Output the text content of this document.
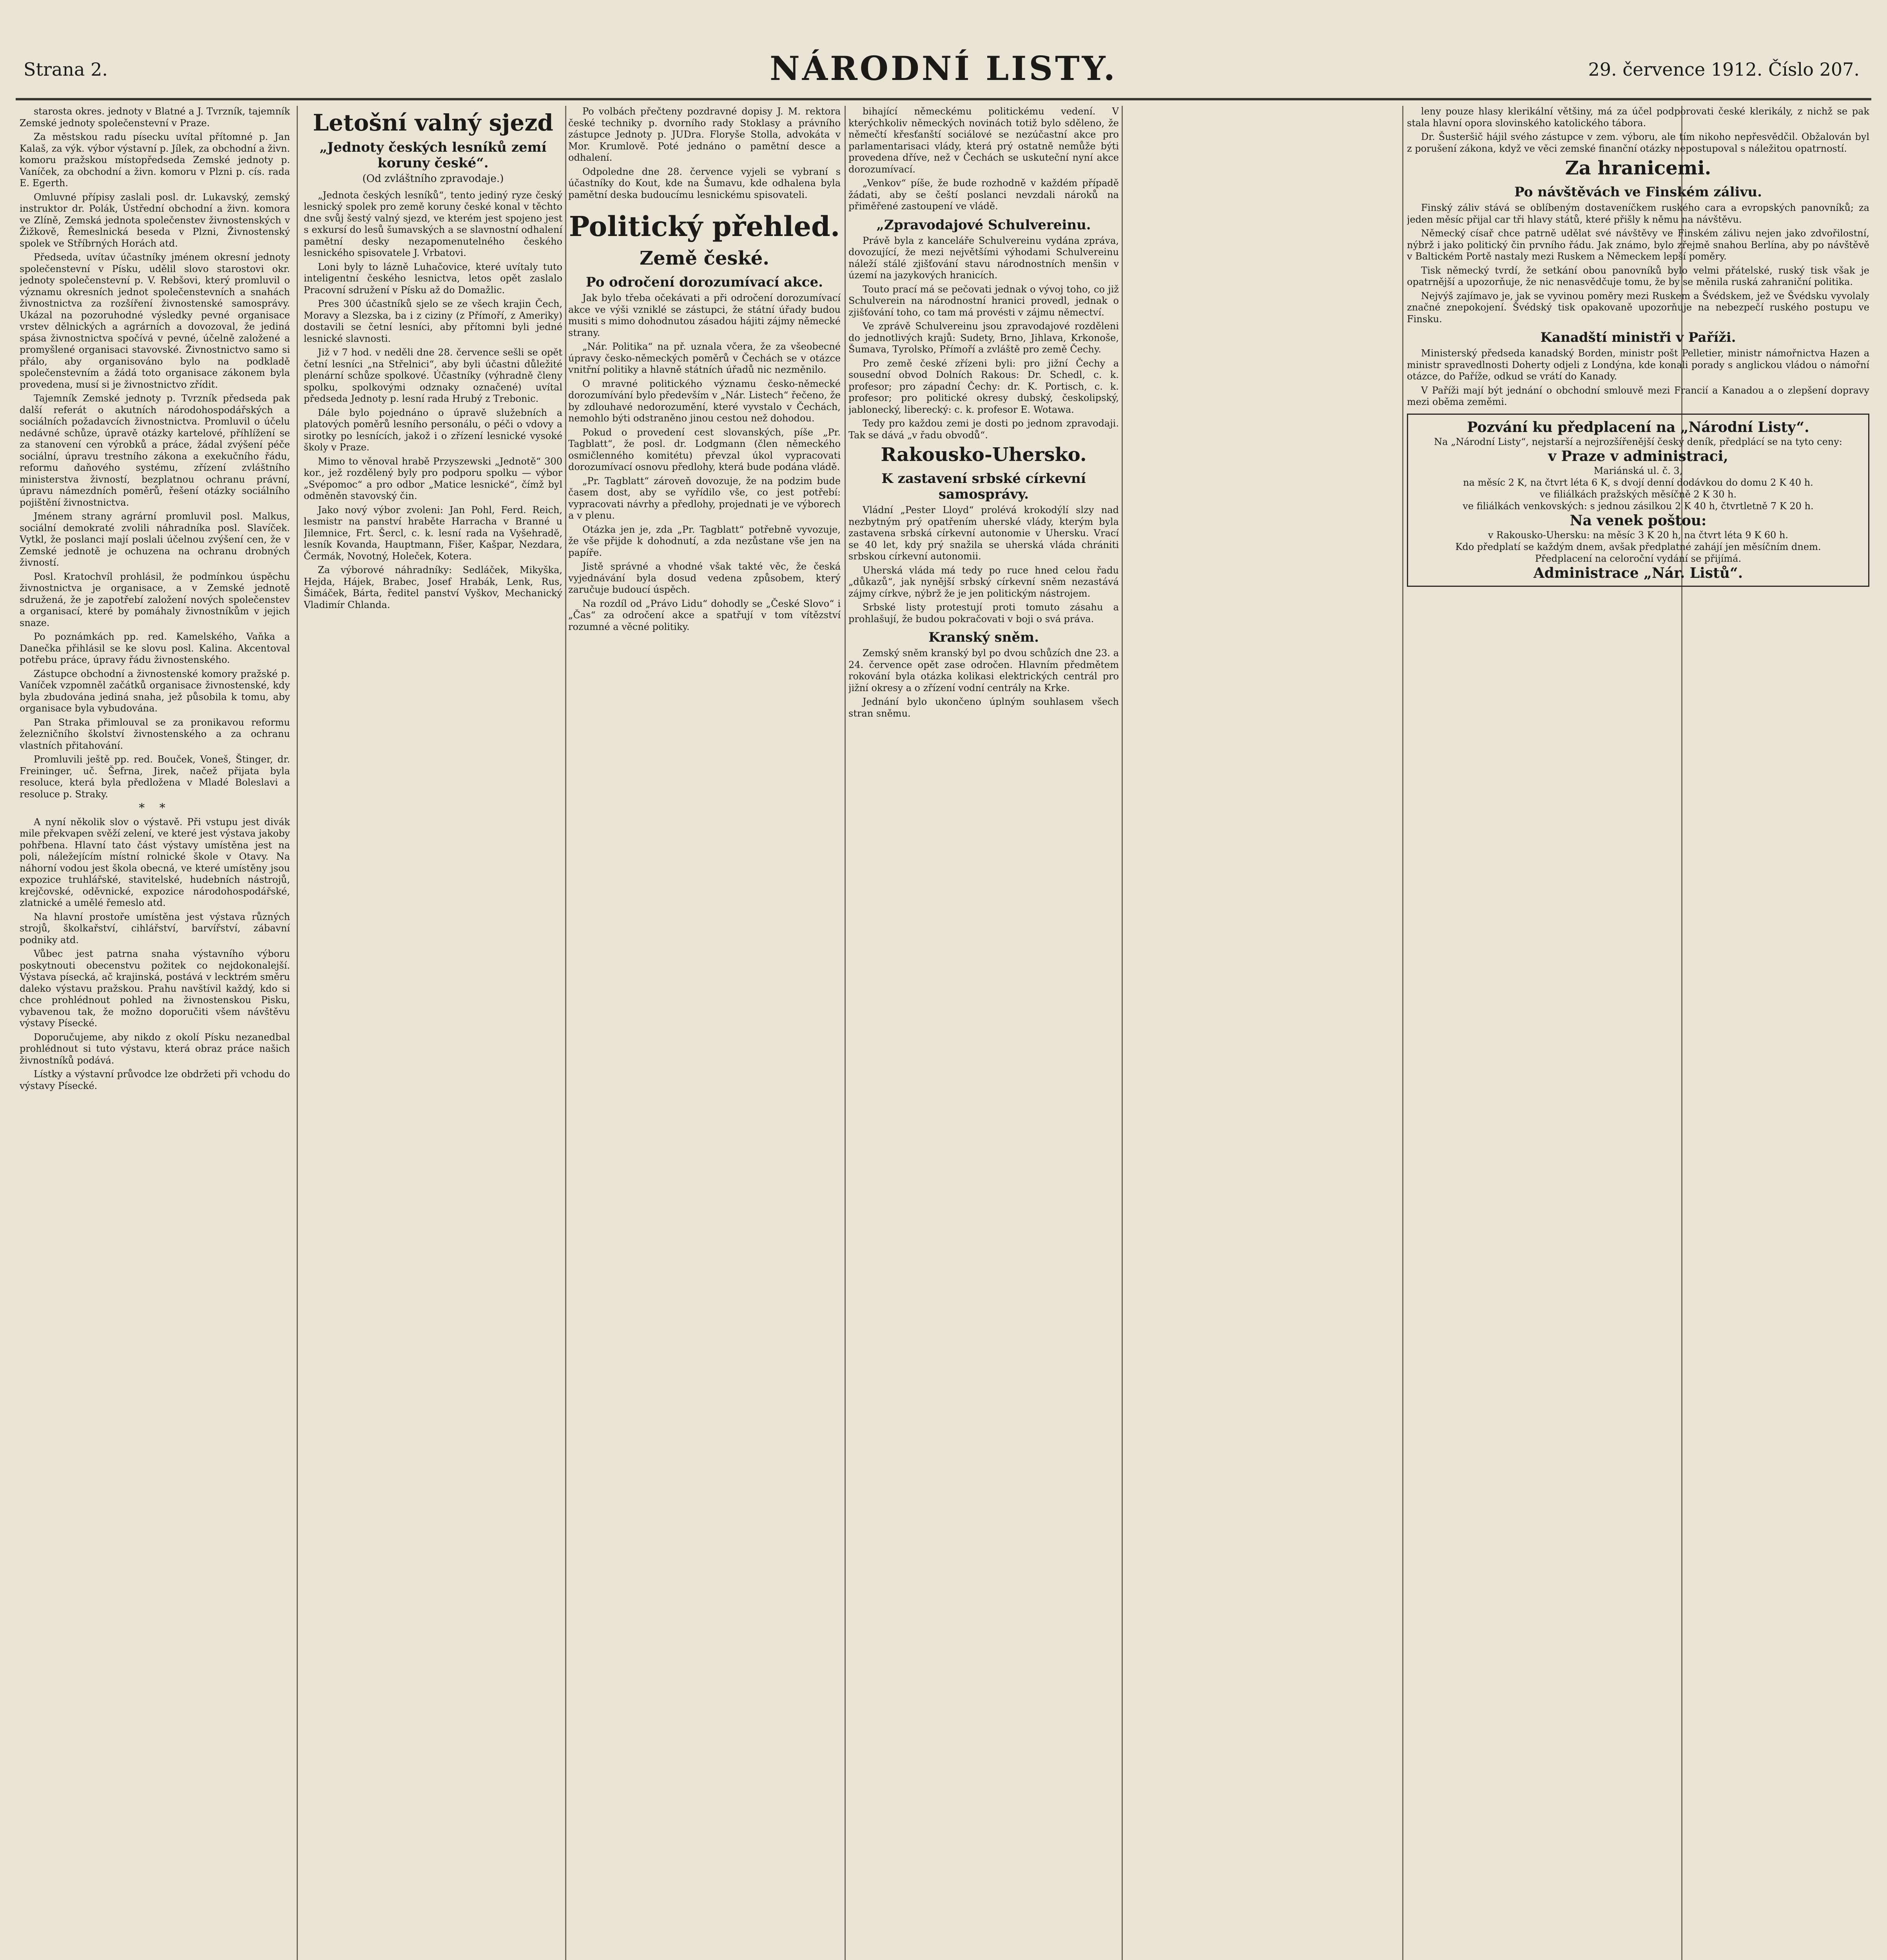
Strana 2.	NÁRODNÍ LISTY.	29. července 1912. Číslo 207.

starosta okres. jednoty v Blatné a J. Tvrzník, tajemník Zemské jednoty společenstevní v Praze.

Za městskou radu písecku uvítal přítomné p. Jan Kalaš, za výk. výbor výstavní p. Jílek, za obchodní a živn. komoru pražskou místopředseda Zemské jednoty p. Vaníček, za obchodní a živn. komoru v Plzni p. cís. rada E. Egerth.

Omluvné přípisy zaslali posl. dr. Lukavský, zemský instruktor dr. Polák, Ústřední obchodní a živn. komora ve Zlíně, Zemská jednota společenstev živnostenských v Žižkově, Řemeslnická beseda v Plzni, Živnostenský spolek ve Stříbrných Horách atd.

Předseda, uvítav účastníky jménem okresní jednoty společenstevní v Písku, udělil slovo starostovi okr. jednoty společenstevní p. V. Rebšovi, který promluvil o významu okresních jednot společenstevních a snahách živnostnictva za rozšíření živnostenské samosprávy. Ukázal na pozoruhodné výsledky pevné organisace vrstev dělnických a agrárních a dovozoval, že jediná spása živnostnictva spočívá v pevné, účelně založené a promyšlené organisaci stavovské. Živnostnictvo samo si přálo, aby organisováno bylo na podkladě společenstevním a žádá toto organisace zákonem byla provedena, musí si je živnostnictvo zřídit.

Tajemník Zemské jednoty p. Tvrzník předseda pak další referát o akutních národohospodářských a sociálních požadavcích živnostnictva. Promluvil o účelu nedávné schůze, úpravě otázky kartelové, příhlížení se za stanovení cen výrobků a práce, žádal zvýšení péče sociální, úpravu trestního zákona a exekučního řádu, reformu daňového systému, zřízení zvláštního ministerstva živností, bezplatnou ochranu právní, úpravu námezdních poměrů, řešení otázky sociálního pojištění živnostnictva.

Jménem strany agrární promluvil posl. Malkus, sociální demokraté zvolili náhradníka posl. Slavíček. Vytkl, že poslanci mají poslali účelnou zvýšení cen, že v Zemské jednotě je ochuzena na ochranu drobných živností.

Posl. Kratochvíl prohlásil, že podmínkou úspěchu živnostnictva je organisace, a v Zemské jednotě sdružená, že je zapotřebí založení nových společenstev a organisací, které by pomáhaly živnostníkům v jejich snaze.

Po poznámkách pp. red. Kamelského, Vaňka a Danečka přihlásil se ke slovu posl. Kalina. Akcentoval potřebu práce, úpravy řádu živnostenského.

Zástupce obchodní a živnostenské komory pražské p. Vaníček vzpomněl začátků organisace živnostenské, kdy byla zbudována jediná snaha, jež působila k tomu, aby organisace byla vybudována.

Pan Straka přimlouval se za pronikavou reformu železničního školství živnostenského a za ochranu vlastních přitahování.

Promluvili ještě pp. red. Bouček, Voneš, Štinger, dr. Freininger, uč. Šefrna, Jirek, načež přijata byla resoluce, která byla předložena v Mladé Boleslavi a resoluce p. Straky.

* *

A nyní několik slov o výstavě. Při vstupu jest divák mile překvapen svěží zelení, ve které jest výstava jakoby pohřbena. Hlavní tato část výstavy umístěna jest na poli, náležejícím místní rolnické škole v Otavy. Na náhorní vodou jest škola obecná, ve které umístěny jsou expozice truhlářské, stavitelské, hudebních nástrojů, krejčovské, oděvnické, expozice národohospodářské, zlatnické a umělé řemeslo atd.

Na hlavní prostoře umístěna jest výstava různých strojů, školkařství, cihlářství, barvířství, zábavní podniky atd.

Vůbec jest patrna snaha výstavního výboru poskytnouti obecenstvu požitek co nejdokonalejší. Výstava písecká, ač krajinská, postává v lecktrém směru daleko výstavu pražskou. Prahu navštívil každý, kdo si chce prohlédnout pohled na živnostenskou Pisku, vybavenou tak, že možno doporučiti všem návštěvu výstavy Písecké.

Doporučujeme, aby nikdo z okolí Písku nezanedbal prohlédnout si tuto výstavu, která obraz práce našich živnostníků podává.

Lístky a výstavní průvodce lze obdržeti při vchodu do výstavy Písecké.

Letošní valný sjezd
„Jednoty českých lesníků zemí koruny české“.
(Od zvláštního zpravodaje.)

„Jednota českých lesníků“, tento jediný ryze český lesnický spolek pro země koruny české konal v těchto dne svůj šestý valný sjezd, ve kterém jest spojeno jest s exkursí do lesů šumavských a se slavnostní odhalení pamětní desky nezapomenutelného českého lesnického spisovatele J. Vrbatovi.

Loni byly to lázně Luhačovice, které uvítaly tuto inteligentní českého lesnictva, letos opět zaslalo Pracovní sdružení v Písku až do Domažlic.

Pres 300 účastníků sjelo se ze všech krajin Čech, Moravy a Slezska, ba i z ciziny (z Přímoří, z Ameriky) dostavili se četní lesníci, aby přítomni byli jedné lesnické slavnosti.

Již v 7 hod. v neděli dne 28. července sešli se opět četní lesníci „na Střelnici“, aby byli účastni důležité plenární schůze spolkové. Účastníky (výhradně členy spolku, spolkovými odznaky označené) uvítal předseda Jednoty p. lesní rada Hrubý z Trebonic.

Dále bylo pojednáno o úpravě služebních a platových poměrů lesního personálu, o péči o vdovy a sirotky po lesnících, jakož i o zřízení lesnické vysoké školy v Praze.

Mimo to věnoval hrabě Przyszewski „Jednotě“ 300 kor., jež rozdělený byly pro podporu spolku — výbor „Svépomoc“ a pro odbor „Matice lesnické“, čímž byl odměněn stavovský čin.

Jako nový výbor zvoleni: Jan Pohl, Ferd. Reich, lesmistr na panství hraběte Harracha v Branné u Jilemnice, Frt. Šercl, c. k. lesní rada na Vyšehradě, lesník Kovanda, Hauptmann, Fišer, Kašpar, Nezdara, Čermák, Novotný, Holeček, Kotera.

Za výborové náhradníky: Sedláček, Mikyška, Hejda, Hájek, Brabec, Josef Hrabák, Lenk, Rus, Šimáček, Bárta, ředitel panství Vyškov, Mechanický Vladimír Chlanda.

Po volbách přečteny pozdravné dopisy J. M. rektora české techniky p. dvorního rady Stoklasy a právního zástupce Jednoty p. JUDra. Floryše Stolla, advokáta v Mor. Krumlově. Poté jednáno o pamětní desce a odhalení.

Odpoledne dne 28. července vyjeli se vybraní s účastníky do Kout, kde na Šumavu, kde odhalena byla pamětní deska budoucímu lesnickému spisovateli.

Politický přehled.
Země české.
Po odročení dorozumívací akce.

Jak bylo třeba očekávati a při odročení dorozumívací akce ve výši vzniklé se zástupci, že státní úřady budou musiti s mimo dohodnutou zásadou hájiti zájmy německé strany.

„Nár. Politika“ na př. uznala včera, že za všeobecné úpravy česko-německých poměrů v Čechách se v otázce vnitřní politiky a hlavně státních úřadů nic nezměnilo.

O mravné politického významu česko-německé dorozumívání bylo především v „Nár. Listech“ řečeno, že by zdlouhavé nedorozumění, které vyvstalo v Čechách, nemohlo býti odstraněno jinou cestou než dohodou.

Pokud o provedení cest slovanských, píše „Pr. Tagblatt“, že posl. dr. Lodgmann (člen německého osmičlenného komitétu) převzal úkol vypracovati dorozumívací osnovu předlohy, která bude podána vládě.

„Pr. Tagblatt“ zároveň dovozuje, že na podzim bude časem dost, aby se vyřídilo vše, co jest potřebí: vypracovati návrhy a předlohy, projednati je ve výborech a v plenu.

Otázka jen je, zda „Pr. Tagblatt“ potřebně vyvozuje, že vše přijde k dohodnutí, a zda nezůstane vše jen na papíře.

Jistě správné a vhodné však takté věc, že česká vyjednávání byla dosud vedena způsobem, který zaručuje budoucí úspěch.

Na rozdíl od „Právo Lidu“ dohodly se „České Slovo“ i „Čas“ za odročení akce a spatřují v tom vítězství rozumné a věcné politiky.

bihající německému politickému vedení. V kterýchkoliv německých novinách totiž bylo sděleno, že němečtí křesťanští sociálové se nezúčastní akce pro parlamentarisaci vlády, která prý ostatně nemůže býti provedena dříve, než v Čechách se uskuteční nyní akce dorozumívací.

„Venkov“ píše, že bude rozhodně v každém případě žádati, aby se čeští poslanci nevzdali nároků na přiměřené zastoupení ve vládě.

„Zpravodajové Schulvereinu.

Právě byla z kanceláře Schulvereinu vydána zpráva, dovozující, že mezi největšími výhodami Schulvereinu náleží stálé zjišťování stavu národnostních menšin v území na jazykových hranicích.

Touto prací má se pečovati jednak o vývoj toho, co již Schulverein na národnostní hranici provedl, jednak o zjišťování toho, co tam má provésti v zájmu němectví.

Ve zprávě Schulvereinu jsou zpravodajové rozděleni do jednotlivých krajů: Sudety, Brno, Jihlava, Krkonoše, Šumava, Tyrolsko, Přímoří a zvláště pro země Čechy.

Pro země české zřízeni byli: pro jižní Čechy a sousední obvod Dolních Rakous: Dr. Schedl, c. k. profesor; pro západní Čechy: dr. K. Portisch, c. k. profesor; pro politické okresy dubský, českolipský, jablonecký, liberecký: c. k. profesor E. Wotawa.

Tedy pro každou zemi je dosti po jednom zpravodaji. Tak se dává „v řadu obvodů“.

Rakousko-Uhersko.
K zastavení srbské církevní samosprávy.

Vládní „Pester Lloyd“ prolévá krokodýlí slzy nad nezbytným prý opatřením uherské vlády, kterým byla zastavena srbská církevní autonomie v Uhersku. Vrací se 40 let, kdy prý snažila se uherská vláda chrániti srbskou církevní autonomii.

Uherská vláda má tedy po ruce hned celou řadu „důkazů“, jak nynější srbský církevní sněm nezastává zájmy církve, nýbrž že je jen politickým nástrojem.

Srbské listy protestují proti tomuto zásahu a prohlašují, že budou pokračovati v boji o svá práva.

Kranský sněm.

Zemský sněm kranský byl po dvou schůzích dne 23. a 24. července opět zase odročen. Hlavním předmětem rokování byla otázka kolikasi elektrických centrál pro jižní okresy a o zřízení vodní centrály na Krke.

Jednání bylo ukončeno úplným souhlasem všech stran sněmu.

leny pouze hlasy klerikální většiny, má za účel podporovati české klerikály, z nichž se pak stala hlavní opora slovinského katolického tábora.

Dr. Šusteršič hájil svého zástupce v zem. výboru, ale tím nikoho nepřesvědčil. Obžalován byl z porušení zákona, když ve věci zemské finanční otázky nepostupoval s náležitou opatrností.

Za hranicemi.
Po návštěvách ve Finském zálivu.

Finský záliv stává se oblíbeným dostaveníčkem ruského cara a evropských panovníků; za jeden měsíc přijal car tři hlavy států, které přišly k němu na návštěvu.

Německý císař chce patrně udělat své návštěvy ve Finském zálivu nejen jako zdvořilostní, nýbrž i jako politický čin prvního řádu. Jak známo, bylo zřejmě snahou Berlína, aby po návštěvě v Baltickém Portě nastaly mezi Ruskem a Německem lepší poměry.

Tisk německý tvrdí, že setkání obou panovníků bylo velmi přátelské, ruský tisk však je opatrnější a upozorňuje, že nic nenasvědčuje tomu, že by se měnila ruská zahraniční politika.

Nejvýš zajímavo je, jak se vyvinou poměry mezi Ruskem a Švédskem, jež ve Švédsku vyvolaly značné znepokojení. Švédský tisk opakovaně upozorňuje na nebezpečí ruského postupu ve Finsku.

Kanadští ministři v Paříži.

Ministerský předseda kanadský Borden, ministr pošt Pelletier, ministr námořnictva Hazen a ministr spravedlnosti Doherty odjeli z Londýna, kde konali porady s anglickou vládou o námořní otázce, do Paříže, odkud se vrátí do Kanady.

V Paříži mají být jednání o obchodní smlouvě mezi Francií a Kanadou a o zlepšení dopravy mezi oběma zeměmi.

Pozvání ku předplacení na „Národní Listy“.
Na „Národní Listy“, nejstarší a nejrozšířenější český deník, předplácí se na tyto ceny:
v Praze v administraci,
Mariánská ul. č. 3,
na měsíc 2 K, na čtvrt léta 6 K, s dvojí denní dodávkou do domu 2 K 40 h.
ve filiálkách pražských měsíčně 2 K 30 h.
ve filiálkách venkovských: s jednou zásilkou 2 K 40 h, čtvrtletně 7 K 20 h.
Na venek poštou:
v Rakousko-Uhersku: na měsíc 3 K 20 h, na čtvrt léta 9 K 60 h.
Kdo předplatí se každým dnem, avšak předplatné zahájí jen měsíčním dnem.
Předplacení na celoroční vydání se přijímá.
Administrace „Nár. Listů“.
